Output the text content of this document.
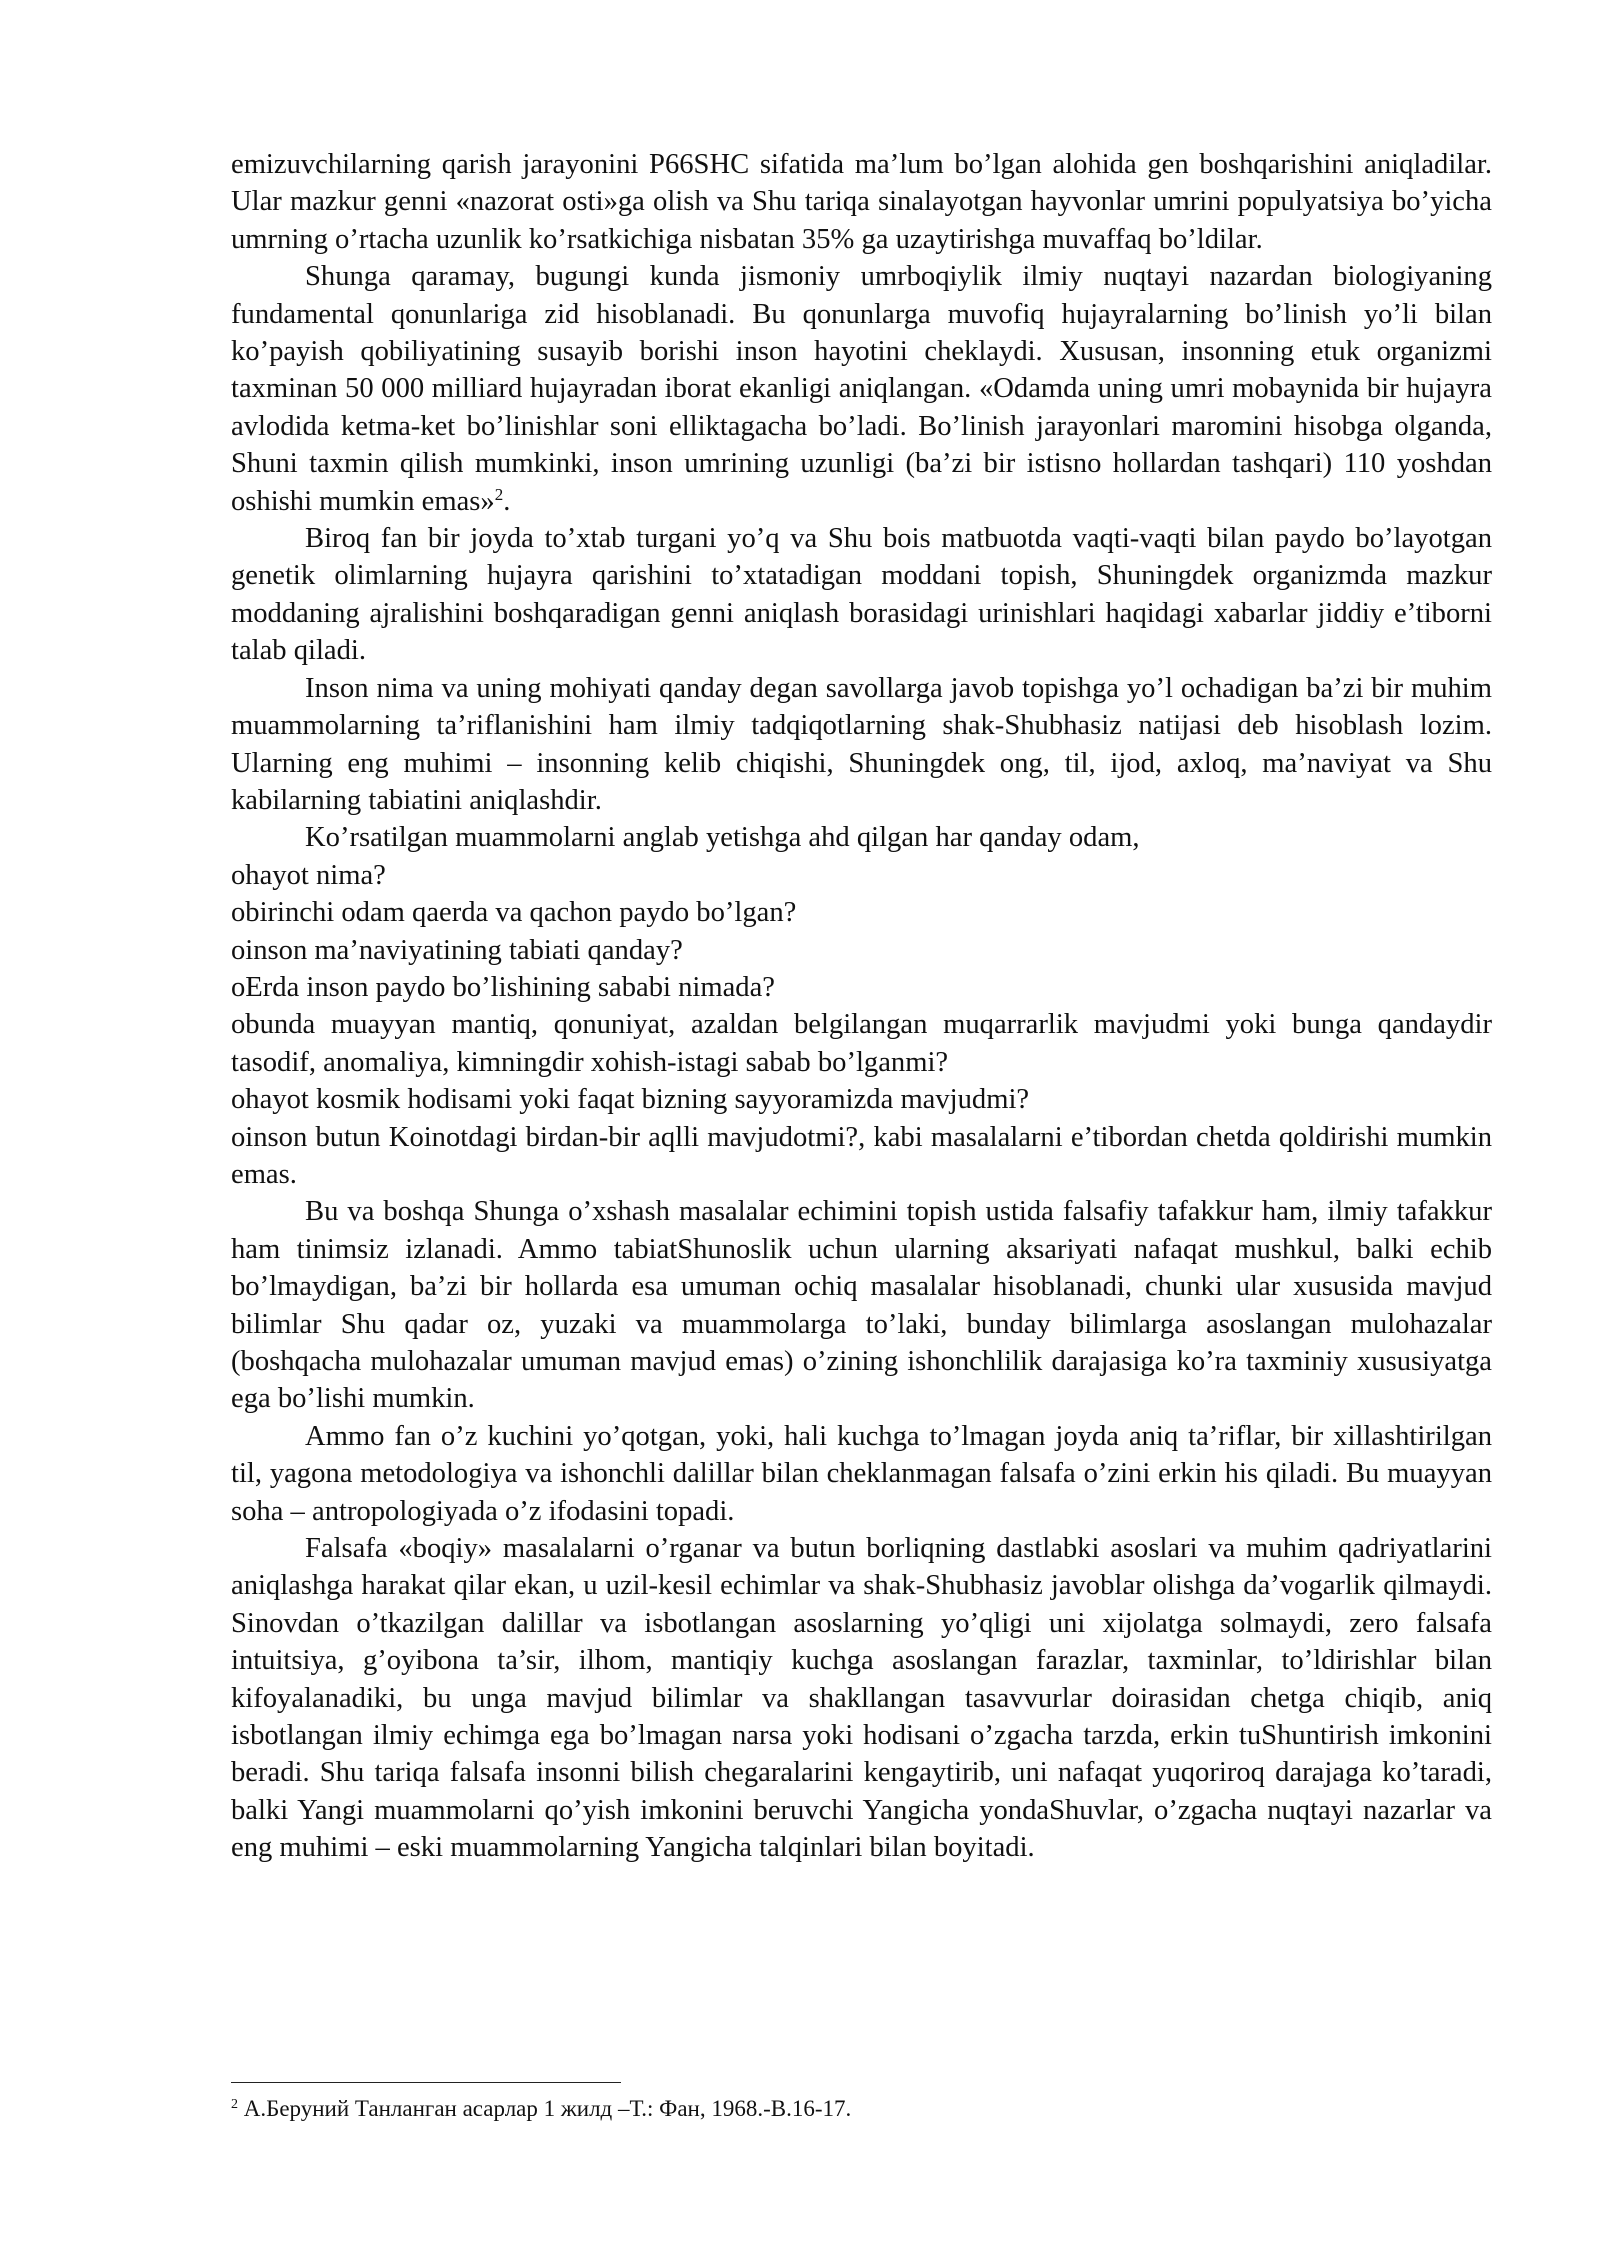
emizuvchilarning qarish jarayonini P66SHC sifatida ma’lum bo’lgan alohida gen boshqarishini aniqladilar. Ular mazkur genni «nazorat osti»ga olish va Shu tariqa sinalayotgan hayvonlar umrini populyatsiya bo’yicha umrning o’rtacha uzunlik ko’rsatkichiga nisbatan 35% ga uzaytirishga muvaffaq bo’ldilar.

Shunga qaramay, bugungi kunda jismoniy umrboqiylik ilmiy nuqtayi nazardan biologiyaning fundamental qonunlariga zid hisoblanadi. Bu qonunlarga muvofiq hujayralarning bo’linish yo’li bilan ko’payish qobiliyatining susayib borishi inson hayotini cheklaydi. Xususan, insonning etuk organizmi taxminan 50 000 milliard hujayradan iborat ekanligi aniqlangan. «Odamda uning umri mobaynida bir hujayra avlodida ketma-ket bo’linishlar soni elliktagacha bo’ladi. Bo’linish jarayonlari maromini hisobga olganda, Shuni taxmin qilish mumkinki, inson umrining uzunligi (ba’zi bir istisno hollardan tashqari) 110 yoshdan oshishi mumkin emas»$^2$.

Biroq fan bir joyda to’xtab turgani yo’q va Shu bois matbuotda vaqti-vaqti bilan paydo bo’layotgan genetik olimlarning hujayra qarishini to’xtatadigan moddani topish, Shuningdek organizmda mazkur moddaning ajralishini boshqaradigan genni aniqlash borasidagi urinishlari haqidagi xabarlar jiddiy e’tiborni talab qiladi.

Inson nima va uning mohiyati qanday degan savollarga javob topishga yo’l ochadigan ba’zi bir muhim muammolarning ta’riflanishini ham ilmiy tadqiqotlarning shak-Shubhasiz natijasi deb hisoblash lozim. Ularning eng muhimi – insonning kelib chiqishi, Shuningdek ong, til, ijod, axloq, ma’naviyat va Shu kabilarning tabiatini aniqlashdir.

Ko’rsatilgan muammolarni anglab yetishga ahd qilgan har qanday odam,

ohayot nima?

obirinchi odam qaerda va qachon paydo bo’lgan?

oinson ma’naviyatining tabiati qanday?

oErda inson paydo bo’lishining sababi nimada?

obunda muayyan mantiq, qonuniyat, azaldan belgilangan muqarrarlik mavjudmi yoki bunga qandaydir tasodif, anomaliya, kimningdir xohish-istagi sabab bo’lganmi?

ohayot kosmik hodisami yoki faqat bizning sayyoramizda mavjudmi?

oinson butun Koinotdagi birdan-bir aqlli mavjudotmi?, kabi masalalarni e’tibordan chetda qoldirishi mumkin emas.

Bu va boshqa Shunga o’xshash masalalar echimini topish ustida falsafiy tafakkur ham, ilmiy tafakkur ham tinimsiz izlanadi. Ammo tabiatShunoslik uchun ularning aksariyati nafaqat mushkul, balki echib bo’lmaydigan, ba’zi bir hollarda esa umuman ochiq masalalar hisoblanadi, chunki ular xususida mavjud bilimlar Shu qadar oz, yuzaki va muammolarga to’laki, bunday bilimlarga asoslangan mulohazalar (boshqacha mulohazalar umuman mavjud emas) o’zining ishonchlilik darajasiga ko’ra taxminiy xususiyatga ega bo’lishi mumkin.

Ammo fan o’z kuchini yo’qotgan, yoki, hali kuchga to’lmagan joyda aniq ta’riflar, bir xillashtirilgan til, yagona metodologiya va ishonchli dalillar bilan cheklanmagan falsafa o’zini erkin his qiladi. Bu muayyan soha – antropologiyada o’z ifodasini topadi.

Falsafa «boqiy» masalalarni o’rganar va butun borliqning dastlabki asoslari va muhim qadriyatlarini aniqlashga harakat qilar ekan, u uzil-kesil echimlar va shak-Shubhasiz javoblar olishga da’vogarlik qilmaydi. Sinovdan o’tkazilgan dalillar va isbotlangan asoslarning yo’qligi uni xijolatga solmaydi, zero falsafa intuitsiya, g’oyibona ta’sir, ilhom, mantiqiy kuchga asoslangan farazlar, taxminlar, to’ldirishlar bilan kifoyalanadiki, bu unga mavjud bilimlar va shakllangan tasavvurlar doirasidan chetga chiqib, aniq isbotlangan ilmiy echimga ega bo’lmagan narsa yoki hodisani o’zgacha tarzda, erkin tuShuntirish imkonini beradi. Shu tariqa falsafa insonni bilish chegaralarini kengaytirib, uni nafaqat yuqoriroq darajaga ko’taradi, balki Yangi muammolarni qo’yish imkonini beruvchi Yangicha yondaShuvlar, o’zgacha nuqtayi nazarlar va eng muhimi – eski muammolarning Yangicha talqinlari bilan boyitadi.

$^2$ А.Беруний Танланган асарлар 1 жилд –Т.: Фан, 1968.-В.16-17.
